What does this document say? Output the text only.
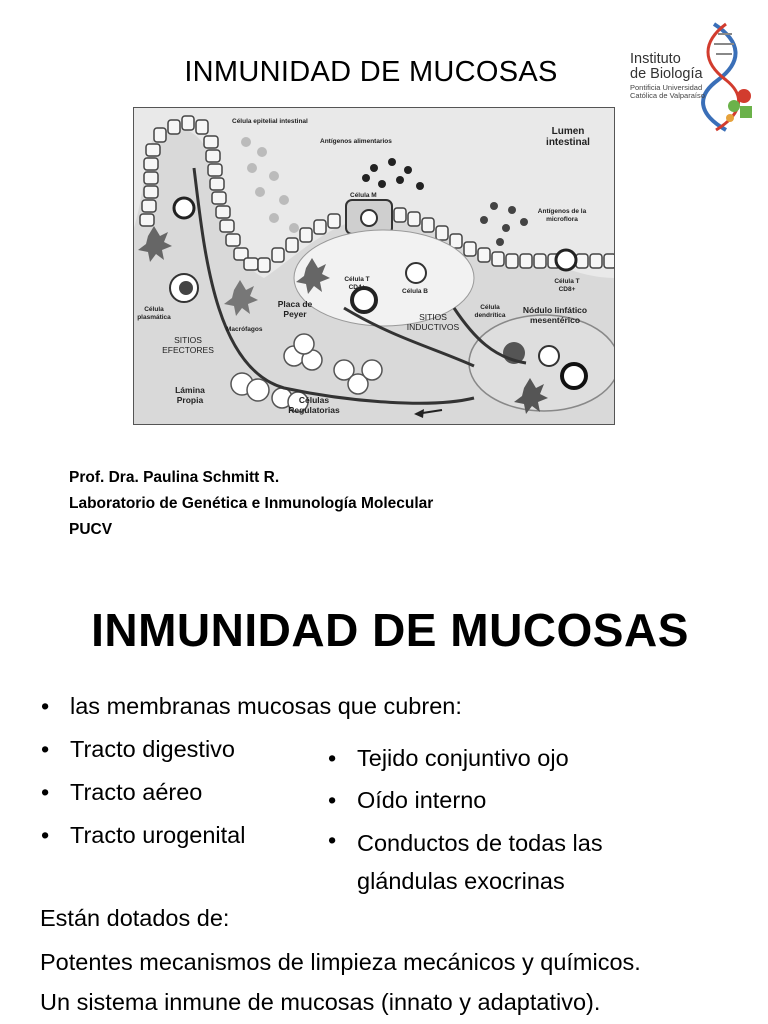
INMUNIDAD DE MUCOSAS	Instituto
de Biología
Pontificia Universidad
Católica de Valparaíso
Célula epitelial intestinal
Antígenos alimentarios
Lumen intestinal
Célula M
Antígenos de la microflora
Célula T CD4+
Célula B
Célula T CD8+
Célula plasmática
Macrófagos
Placa de Peyer
Célula dendrítica	Nódulo linfático mesentérico
SITIOS INDUCTIVOS
SITIOS EFECTORES
Lámina Propia	Células Regulatorias
Prof. Dra. Paulina Schmitt R.
Laboratorio de Genética e Inmunología Molecular
PUCV
INMUNIDAD DE MUCOSAS
• las membranas mucosas que cubren:
• Tracto digestivo
• Tracto aéreo
• Tracto urogenital
• Tejido conjuntivo ojo
• Oído interno
• Conductos de todas las glándulas exocrinas
Están dotados de:
Potentes mecanismos de limpieza mecánicos y químicos.
Un sistema inmune de mucosas (innato y adaptativo).
